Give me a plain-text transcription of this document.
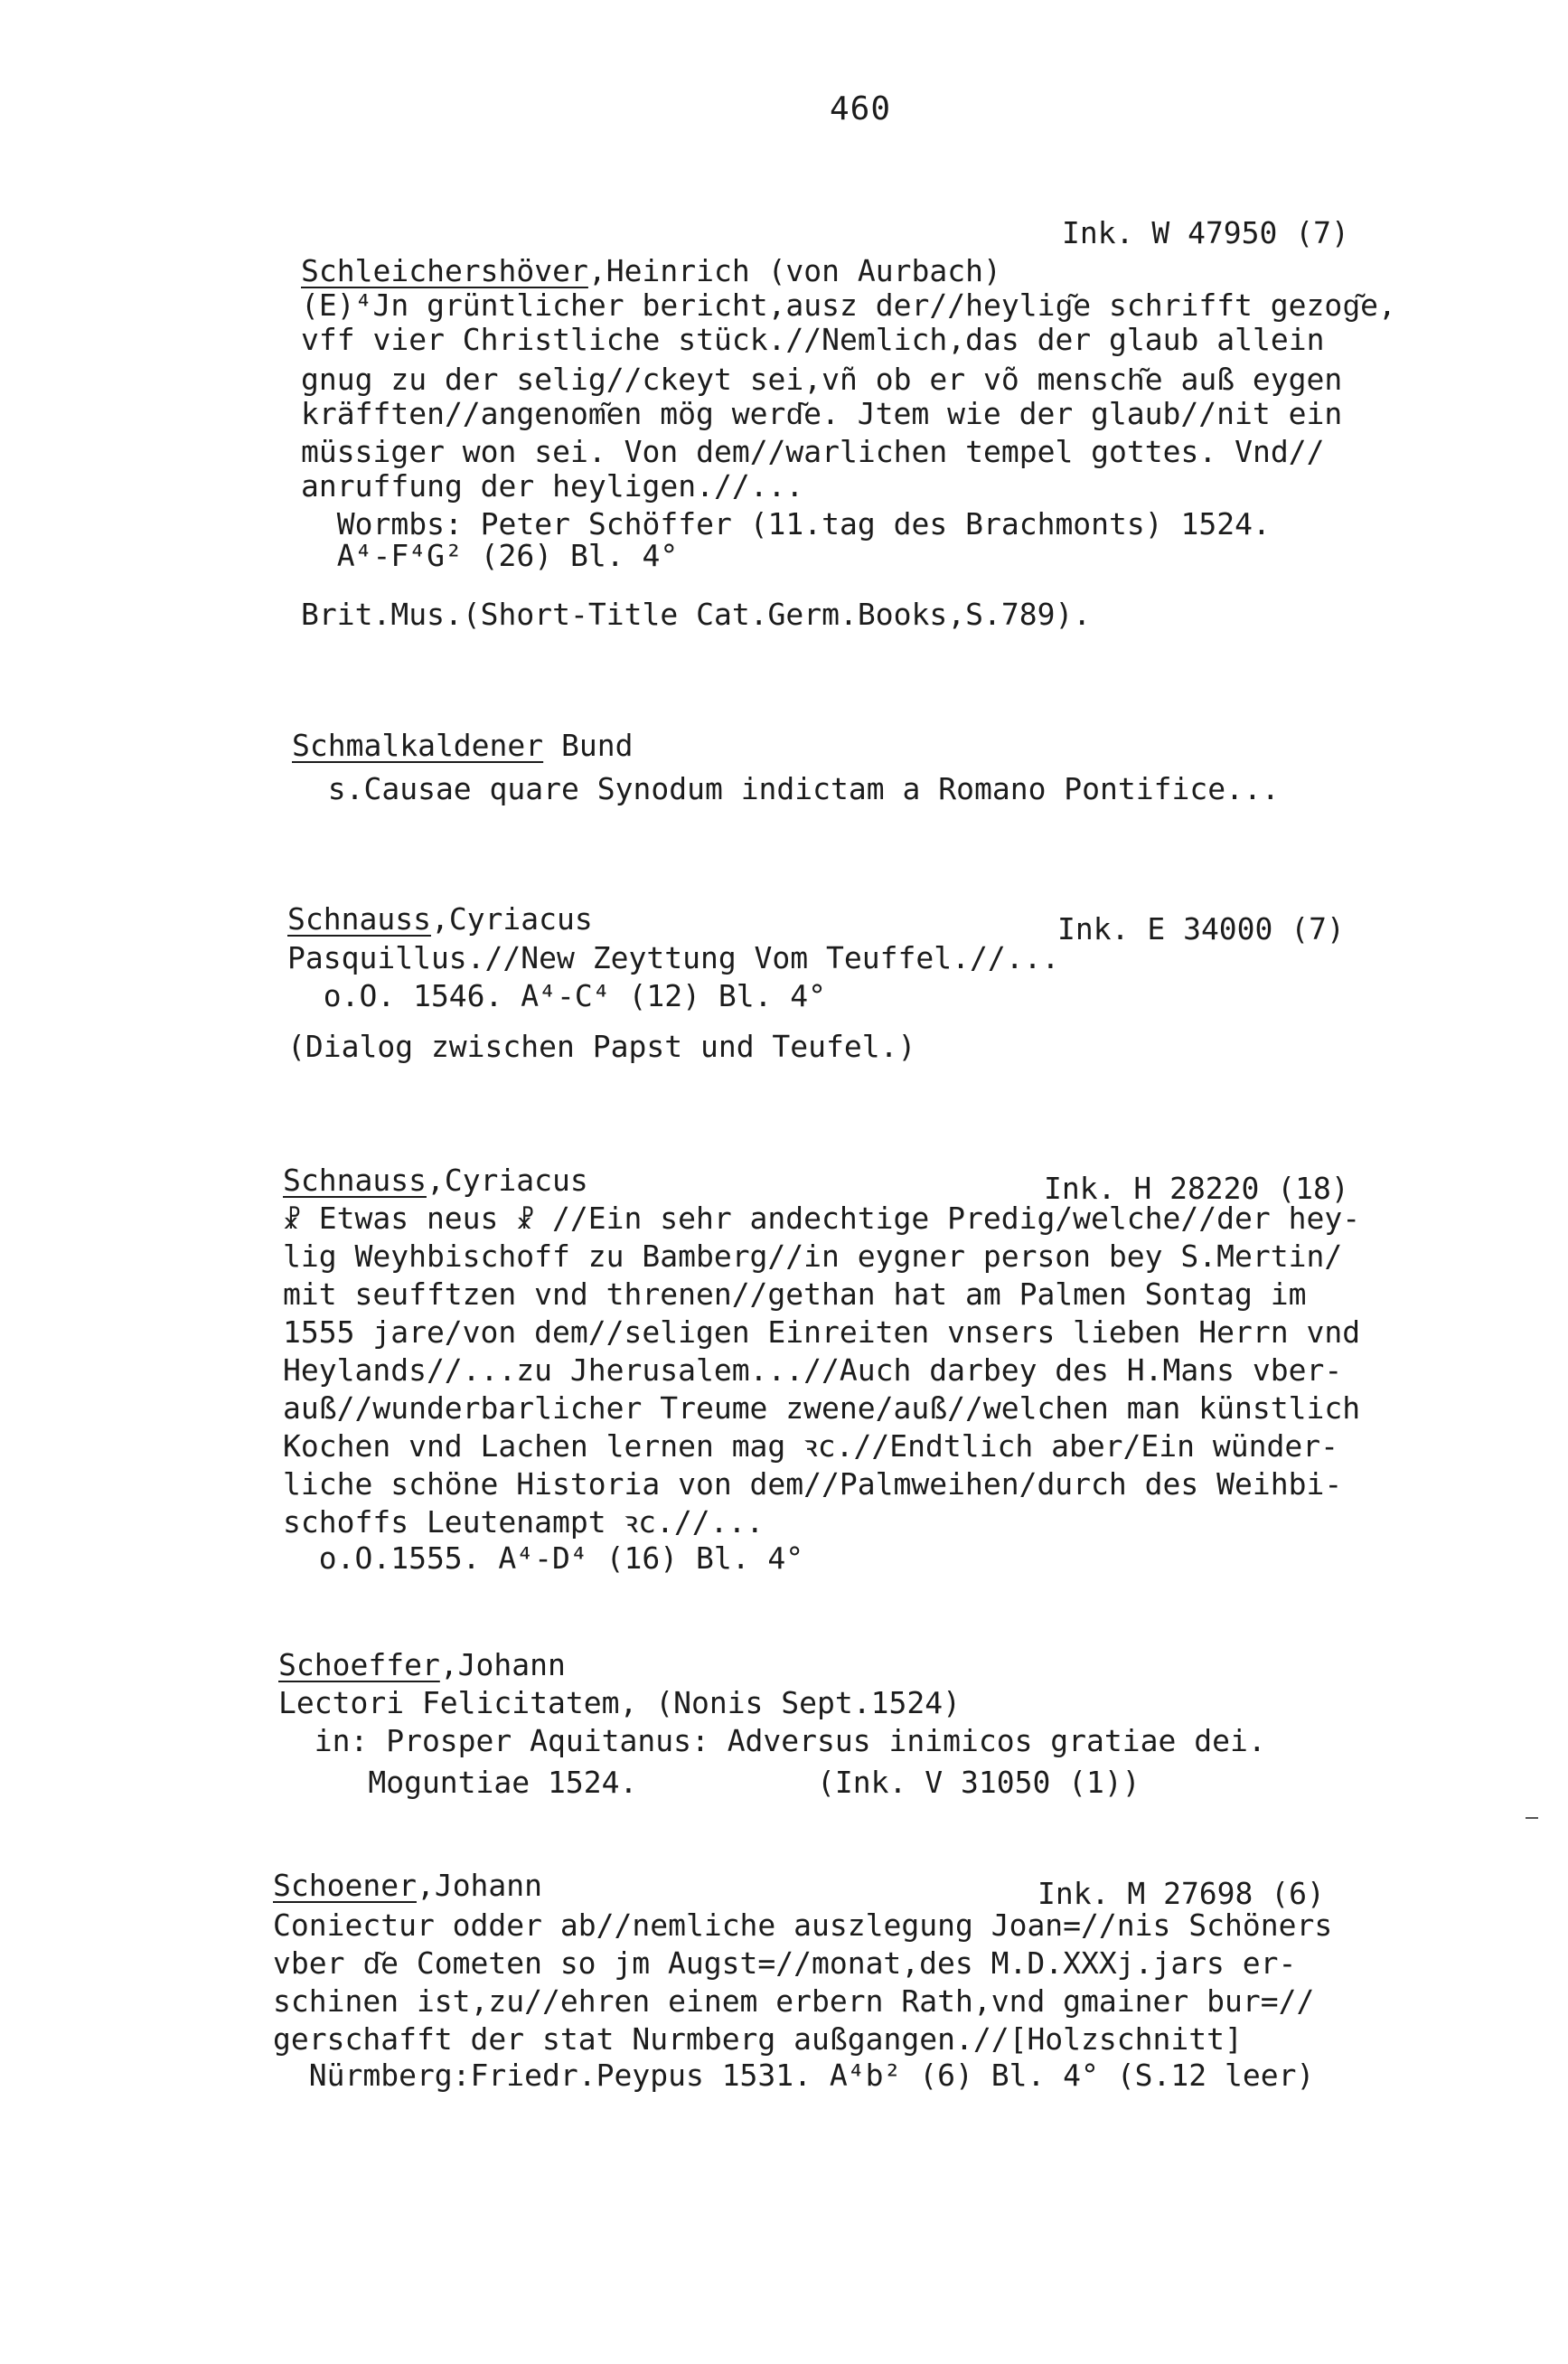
460
Ink. W 47950 (7)
Schleichershöver,Heinrich (von Aurbach)
(E)⁴Jn grüntlicher bericht,ausz der//heylig͂e schrifft gezog͂e,
vff vier Christliche stück.//Nemlich,das der glaub allein
gnug zu der selig//ckeyt sei,vñ ob er võ mensch͂e auß eygen
kräfften//angenom͂en mög werd͂e. Jtem wie der glaub//nit ein
müssiger won sei. Von dem//warlichen tempel gottes. Vnd//
anruffung der heyligen.//...
Wormbs: Peter Schöffer (11.tag des Brachmonts) 1524.
A⁴-F⁴G² (26) Bl. 4°
Brit.Mus.(Short-Title Cat.Germ.Books,S.789).
Schmalkaldener Bund
s.Causae quare Synodum indictam a Romano Pontifice...
Schnauss,Cyriacus	Ink. E 34000 (7)
Pasquillus.//New Zeyttung Vom Teuffel.//...
o.O. 1546. A⁴-C⁴ (12) Bl. 4°
(Dialog zwischen Papst und Teufel.)
Schnauss,Cyriacus	Ink. H 28220 (18)
☧ Etwas neus ☧ //Ein sehr andechtige Predig/welche//der hey-
lig Weyhbischoff zu Bamberg//in eygner person bey S.Mertin/
mit seufftzen vnd threnen//gethan hat am Palmen Sontag im
1555 jare/von dem//seligen Einreiten vnsers lieben Herrn vnd
Heylands//...zu Jherusalem...//Auch darbey des H.Mans vber-
auß//wunderbarlicher Treume zwene/auß//welchen man künstlich
Kochen vnd Lachen lernen mag ꝛc.//Endtlich aber/Ein wünder-
liche schöne Historia von dem//Palmweihen/durch des Weihbi-
schoffs Leutenampt ꝛc.//...
o.O.1555. A⁴-D⁴ (16) Bl. 4°
Schoeffer,Johann
Lectori Felicitatem, (Nonis Sept.1524)
in: Prosper Aquitanus: Adversus inimicos gratiae dei.
Moguntiae 1524.          (Ink. V 31050 (1))
Schoener,Johann	Ink. M 27698 (6)
Coniectur odder ab//nemliche auszlegung Joan=//nis Schöners
vber d͂e Cometen so jm Augst=//monat,des M.D.XXXj.jars er-
schinen ist,zu//ehren einem erbern Rath,vnd gmainer bur=//
gerschafft der stat Nurmberg außgangen.//[Holzschnitt]
Nürmberg:Friedr.Peypus 1531. A⁴b² (6) Bl. 4° (S.12 leer)
